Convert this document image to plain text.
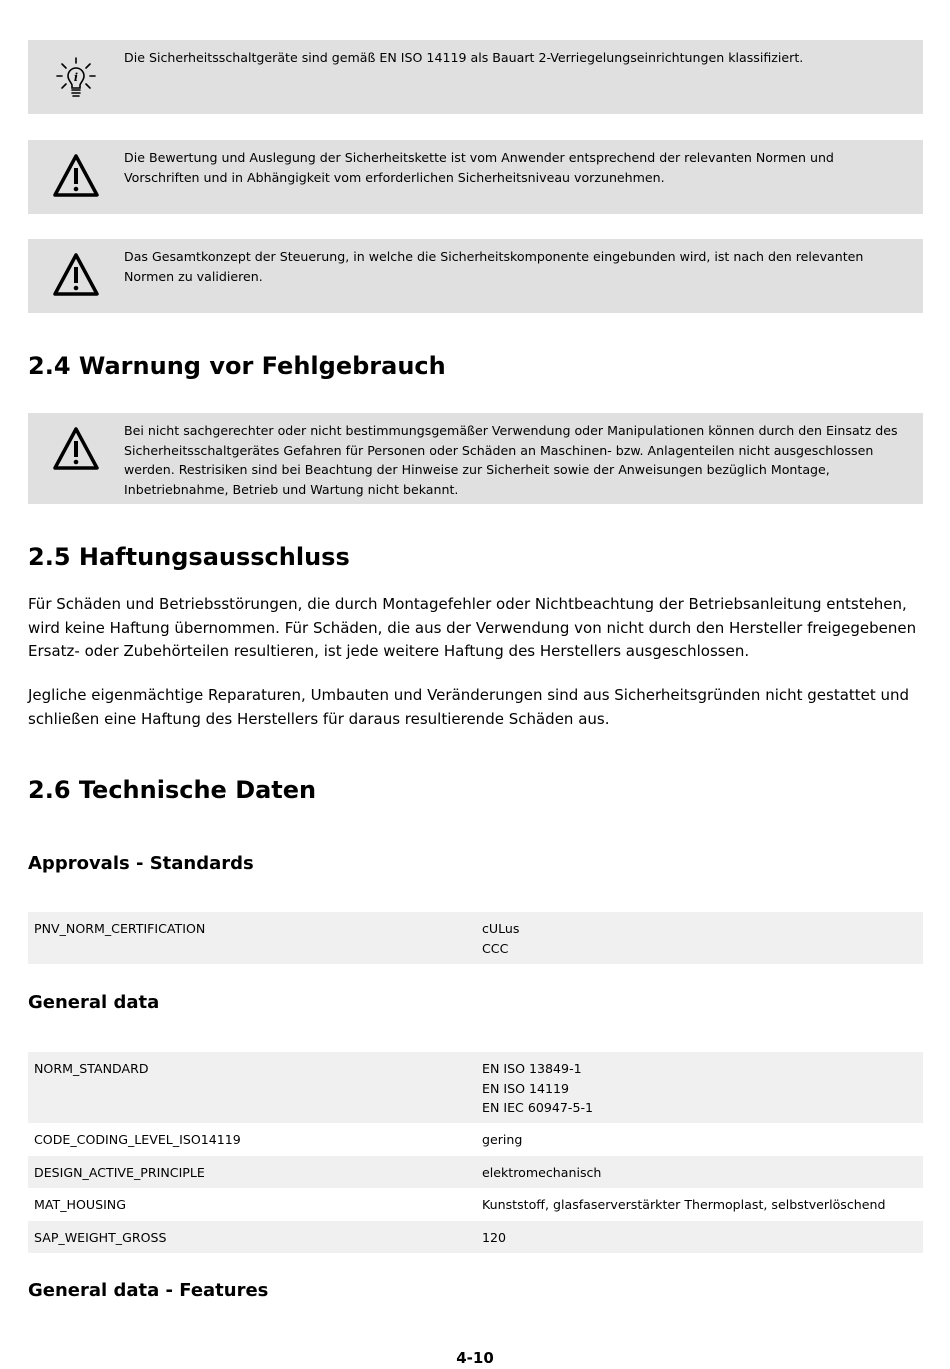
i
Die Sicherheitsschaltgeräte sind gemäß EN ISO 14119 als Bauart 2-Verriegelungseinrichtungen klassifiziert.
Die Bewertung und Auslegung der Sicherheitskette ist vom Anwender entsprechend der relevanten Normen und Vorschriften und in Abhängigkeit vom erforderlichen Sicherheitsniveau vorzunehmen.
Das Gesamtkonzept der Steuerung, in welche die Sicherheitskomponente eingebunden wird, ist nach den relevanten Normen zu validieren.
2.4 Warnung vor Fehlgebrauch
Bei nicht sachgerechter oder nicht bestimmungsgemäßer Verwendung oder Manipulationen können durch den Einsatz des Sicherheitsschaltgerätes Gefahren für Personen oder Schäden an Maschinen- bzw. Anlagenteilen nicht ausgeschlossen werden. Restrisiken sind bei Beachtung der Hinweise zur Sicherheit sowie der Anweisungen bezüglich Montage, Inbetriebnahme, Betrieb und Wartung nicht bekannt.
2.5 Haftungsausschluss

Für Schäden und Betriebsstörungen, die durch Montagefehler oder Nichtbeachtung der Betriebsanleitung entstehen, wird keine Haftung übernommen. Für Schäden, die aus der Verwendung von nicht durch den Hersteller freigegebenen Ersatz- oder Zubehörteilen resultieren, ist jede weitere Haftung des Herstellers ausgeschlossen.

Jegliche eigenmächtige Reparaturen, Umbauten und Veränderungen sind aus Sicherheitsgründen nicht gestattet und schließen eine Haftung des Herstellers für daraus resultierende Schäden aus.

2.6 Technische Daten
Approvals - Standards
PNV_NORM_CERTIFICATION	cULus
CCC
General data
NORM_STANDARD	EN ISO 13849-1
EN ISO 14119
EN IEC 60947-5-1
CODE_CODING_LEVEL_ISO14119	gering
DESIGN_ACTIVE_PRINCIPLE	elektromechanisch
MAT_HOUSING	Kunststoff, glasfaserverstärkter Thermoplast, selbstverlöschend
SAP_WEIGHT_GROSS	120
General data - Features
4-10
